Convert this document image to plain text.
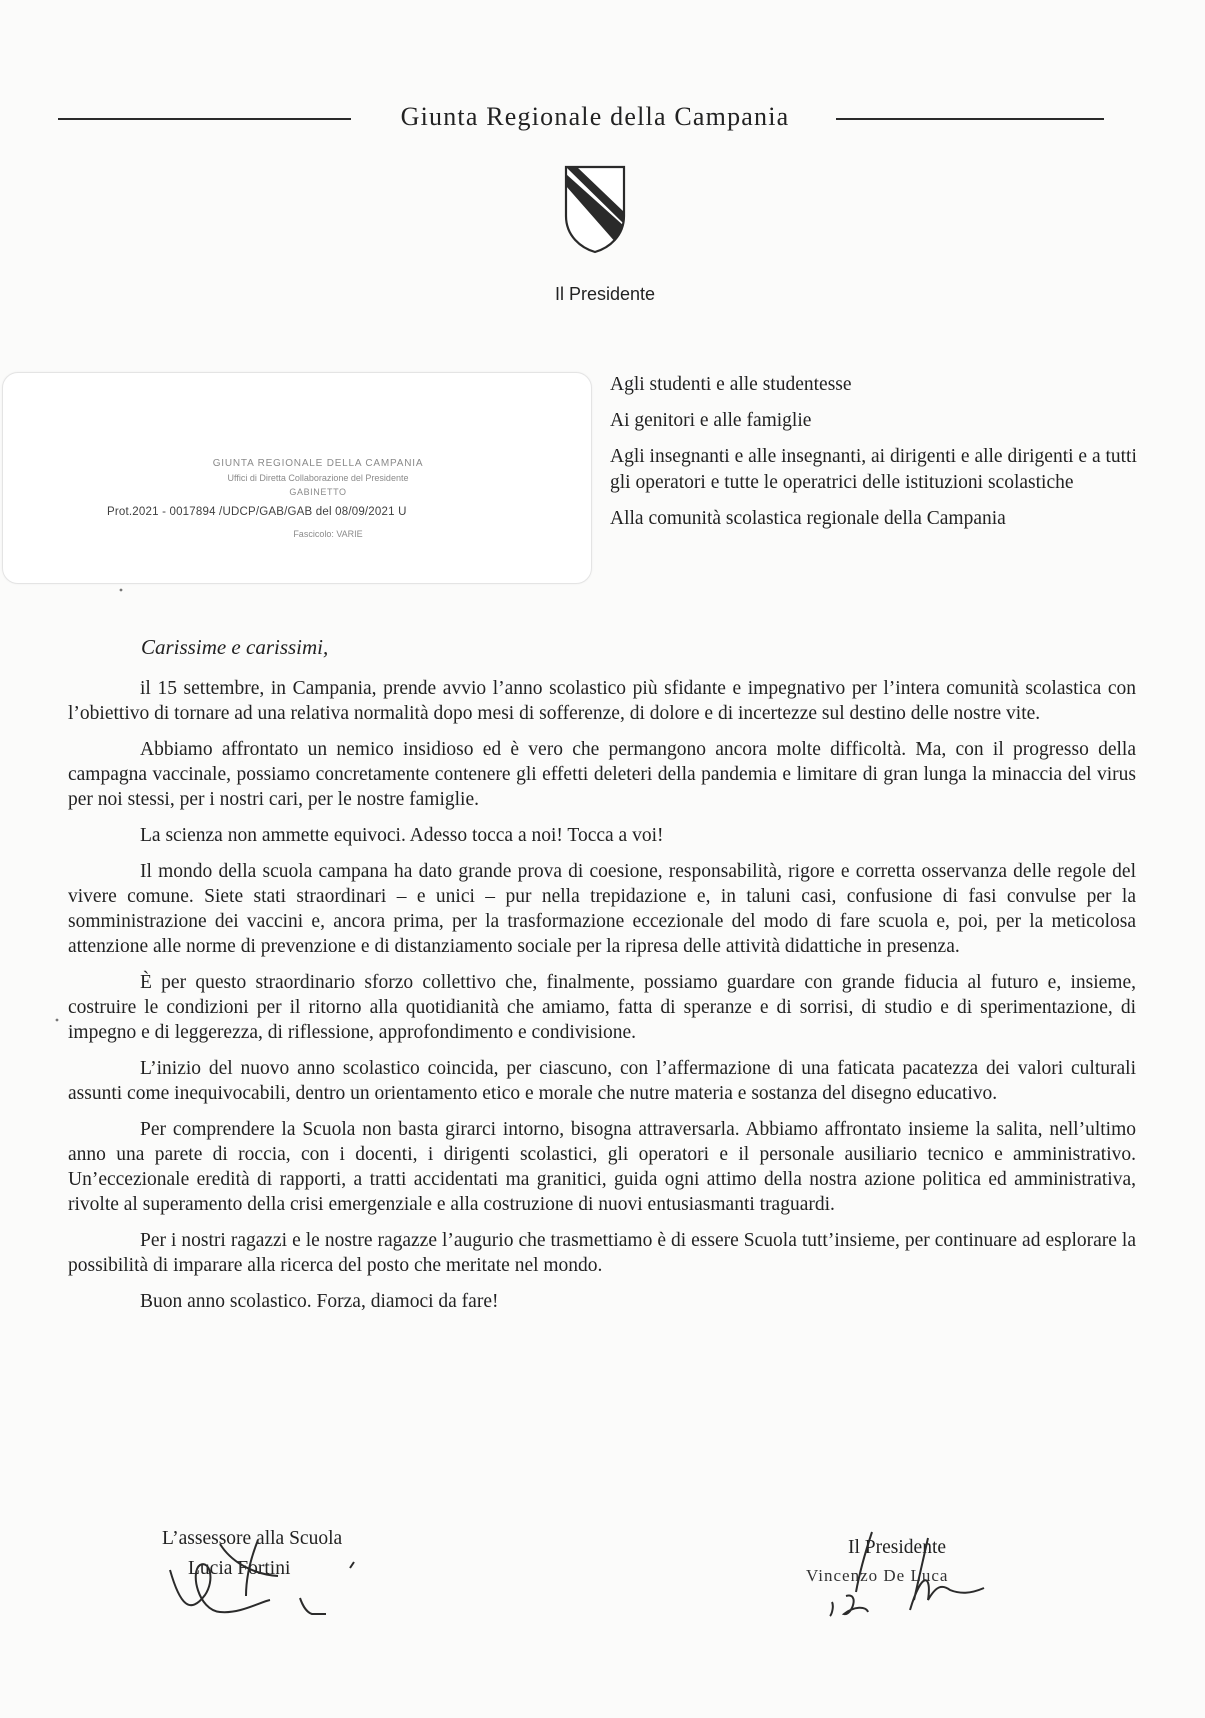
Giunta Regionale della Campania
Il Presidente
GIUNTA REGIONALE DELLA CAMPANIA
Uffici di Diretta Collaborazione del Presidente
GABINETTO
Prot.2021 - 0017894 /UDCP/GAB/GAB del 08/09/2021 U
Fascicolo: VARIE

Agli studenti e alle studentesse

Ai genitori e alle famiglie

Agli insegnanti e alle insegnanti, ai dirigenti e alle dirigenti e a tutti gli operatori e tutte le operatrici delle istituzioni scolastiche

Alla comunità scolastica regionale della Campania

Carissime e carissimi,

il 15 settembre, in Campania, prende avvio l’anno scolastico più sfidante e impegnativo per l’intera comunità scolastica con l’obiettivo di tornare ad una relativa normalità dopo mesi di sofferenze, di dolore e di incertezze sul destino delle nostre vite.

Abbiamo affrontato un nemico insidioso ed è vero che permangono ancora molte difficoltà. Ma, con il progresso della campagna vaccinale, possiamo concretamente contenere gli effetti deleteri della pandemia e limitare di gran lunga la minaccia del virus per noi stessi, per i nostri cari, per le nostre famiglie.

La scienza non ammette equivoci. Adesso tocca a noi! Tocca a voi!

Il mondo della scuola campana ha dato grande prova di coesione, responsabilità, rigore e corretta osservanza delle regole del vivere comune. Siete stati straordinari – e unici – pur nella trepidazione e, in taluni casi, confusione di fasi convulse per la somministrazione dei vaccini e, ancora prima, per la trasformazione eccezionale del modo di fare scuola e, poi, per la meticolosa attenzione alle norme di prevenzione e di distanziamento sociale per la ripresa delle attività didattiche in presenza.

È per questo straordinario sforzo collettivo che, finalmente, possiamo guardare con grande fiducia al futuro e, insieme, costruire le condizioni per il ritorno alla quotidianità che amiamo, fatta di speranze e di sorrisi, di studio e di sperimentazione, di impegno e di leggerezza, di riflessione, approfondimento e condivisione.

L’inizio del nuovo anno scolastico coincida, per ciascuno, con l’affermazione di una faticata pacatezza dei valori culturali assunti come inequivocabili, dentro un orientamento etico e morale che nutre materia e sostanza del disegno educativo.

Per comprendere la Scuola non basta girarci intorno, bisogna attraversarla. Abbiamo affrontato insieme la salita, nell’ultimo anno una parete di roccia, con i docenti, i dirigenti scolastici, gli operatori e il personale ausiliario tecnico e amministrativo. Un’eccezionale eredità di rapporti, a tratti accidentati ma granitici, guida ogni attimo della nostra azione politica ed amministrativa, rivolte al superamento della crisi emergenziale e alla costruzione di nuovi entusiasmanti traguardi.

Per i nostri ragazzi e le nostre ragazze l’augurio che trasmettiamo è di essere Scuola tutt’insieme, per continuare ad esplorare la possibilità di imparare alla ricerca del posto che meritate nel mondo.

Buon anno scolastico. Forza, diamoci da fare!

L’assessore alla Scuola
Lucia Fortini
Il Presidente
Vincenzo De Luca
